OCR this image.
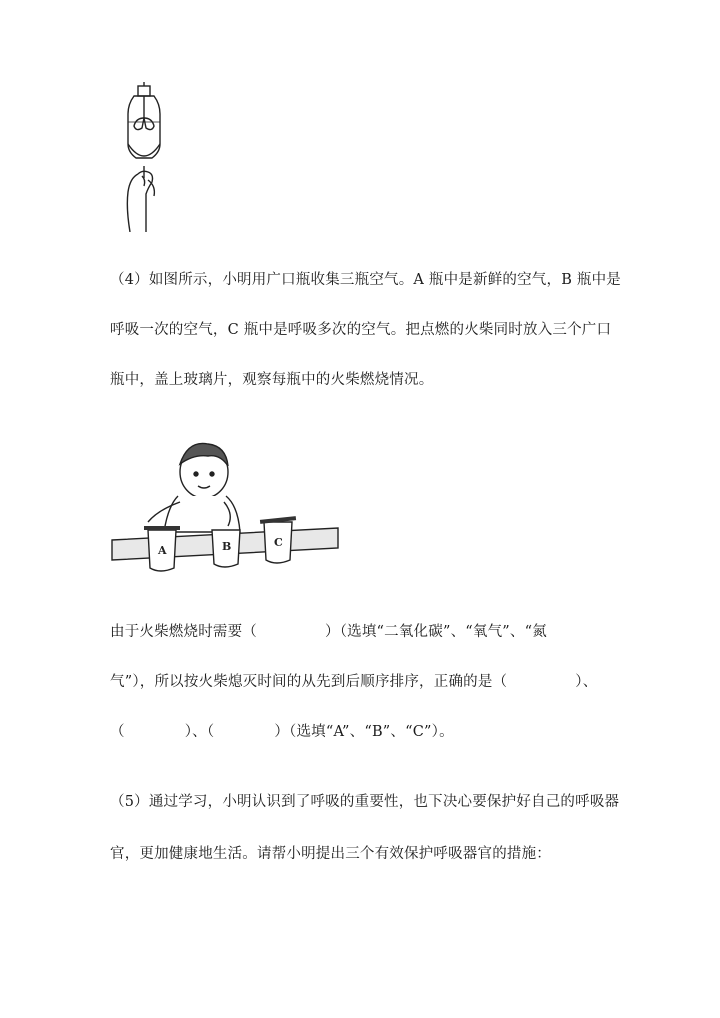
（4）如图所示，小明用广口瓶收集三瓶空气。A 瓶中是新鲜的空气，B 瓶中是
呼吸一次的空气，C 瓶中是呼吸多次的空气。把点燃的火柴同时放入三个广口
瓶中，盖上玻璃片，观察每瓶中的火柴燃烧情况。
A	B	C
由于火柴燃烧时需要（	）（选填“二氧化碳”、“氧气”、“氮
气”），所以按火柴熄灭时间的从先到后顺序排序，正确的是（	）、
（	）、（	）（选填“A”、“B”、“C”）。
（5）通过学习，小明认识到了呼吸的重要性，也下决心要保护好自己的呼吸器
官，更加健康地生活。请帮小明提出三个有效保护呼吸器官的措施：
